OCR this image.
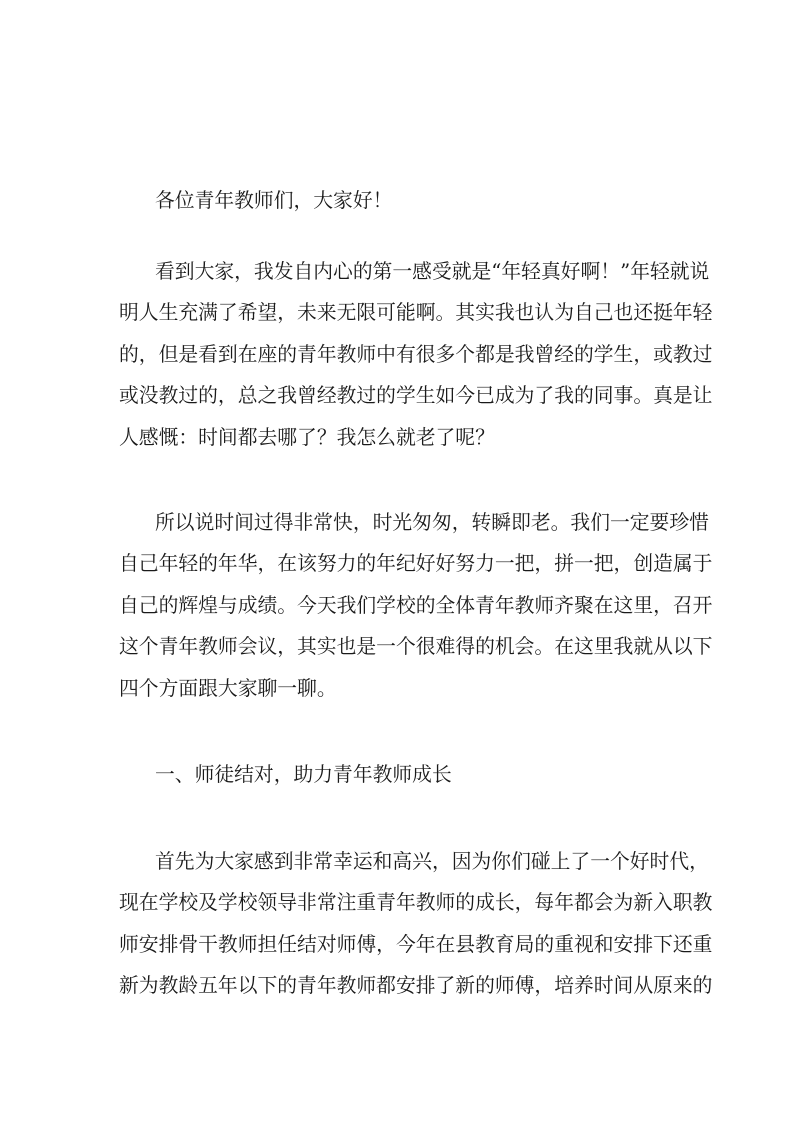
各位青年教师们，大家好！

看到大家，我发自内心的第一感受就是“年轻真好啊！”年轻就说
明人生充满了希望，未来无限可能啊。其实我也认为自己也还挺年轻
的，但是看到在座的青年教师中有很多个都是我曾经的学生，或教过
或没教过的，总之我曾经教过的学生如今已成为了我的同事。真是让
人感慨：时间都去哪了？我怎么就老了呢？

所以说时间过得非常快，时光匆匆，转瞬即老。我们一定要珍惜
自己年轻的年华，在该努力的年纪好好努力一把，拼一把，创造属于
自己的辉煌与成绩。今天我们学校的全体青年教师齐聚在这里，召开
这个青年教师会议，其实也是一个很难得的机会。在这里我就从以下
四个方面跟大家聊一聊。

一、师徒结对，助力青年教师成长

首先为大家感到非常幸运和高兴，因为你们碰上了一个好时代，
现在学校及学校领导非常注重青年教师的成长，每年都会为新入职教
师安排骨干教师担任结对师傅，今年在县教育局的重视和安排下还重
新为教龄五年以下的青年教师都安排了新的师傅，培养时间从原来的
